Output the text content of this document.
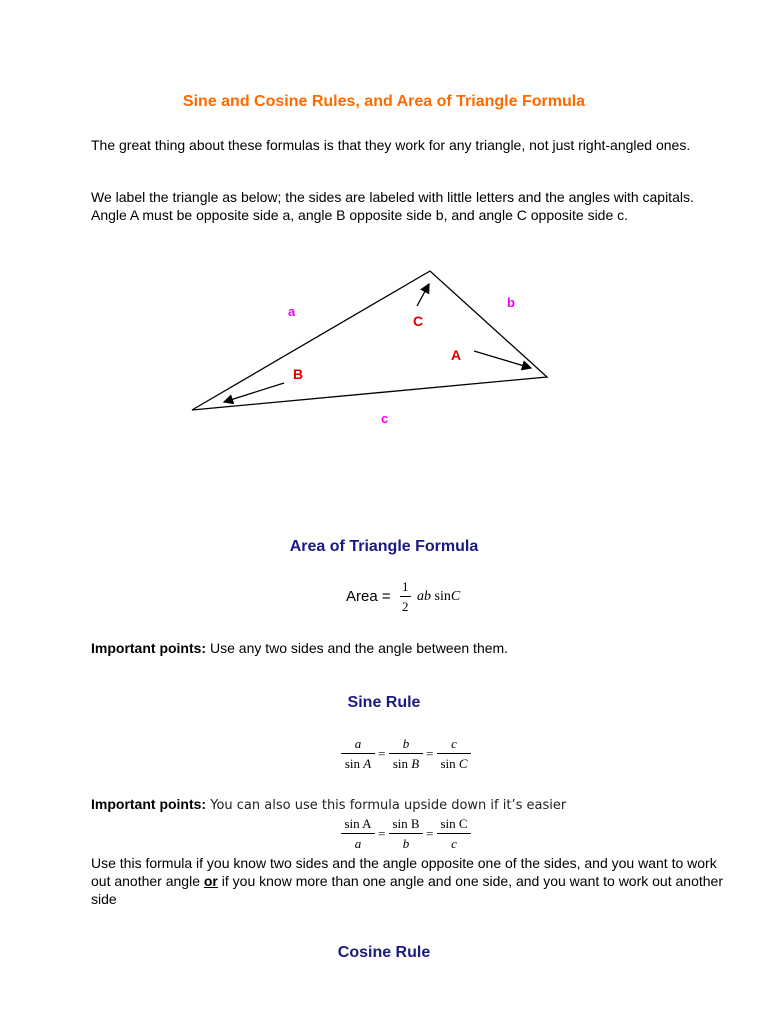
Sine and Cosine Rules, and Area of Triangle Formula
The great thing about these formulas is that they work for any triangle, not just right-angled ones.
We label the triangle as below; the sides are labeled with little letters and the angles with capitals. Angle A must be opposite side a, angle B opposite side b, and angle C opposite side c.
a
b
c
C
A
B
Area of Triangle Formula
Area =
1
2
ab sinC
Important points: Use any two sides and the angle between them.
Sine Rule
a
sin A
=
b
sin B
=
c
sin C
Important points: You can also use this formula upside down if it’s easier
sin A
a
=
sin B
b
=
sin C
c
Use this formula if you know two sides and the angle opposite one of the sides, and you want to work out another angle or if you know more than one angle and one side, and you want to work out another side
Cosine Rule
